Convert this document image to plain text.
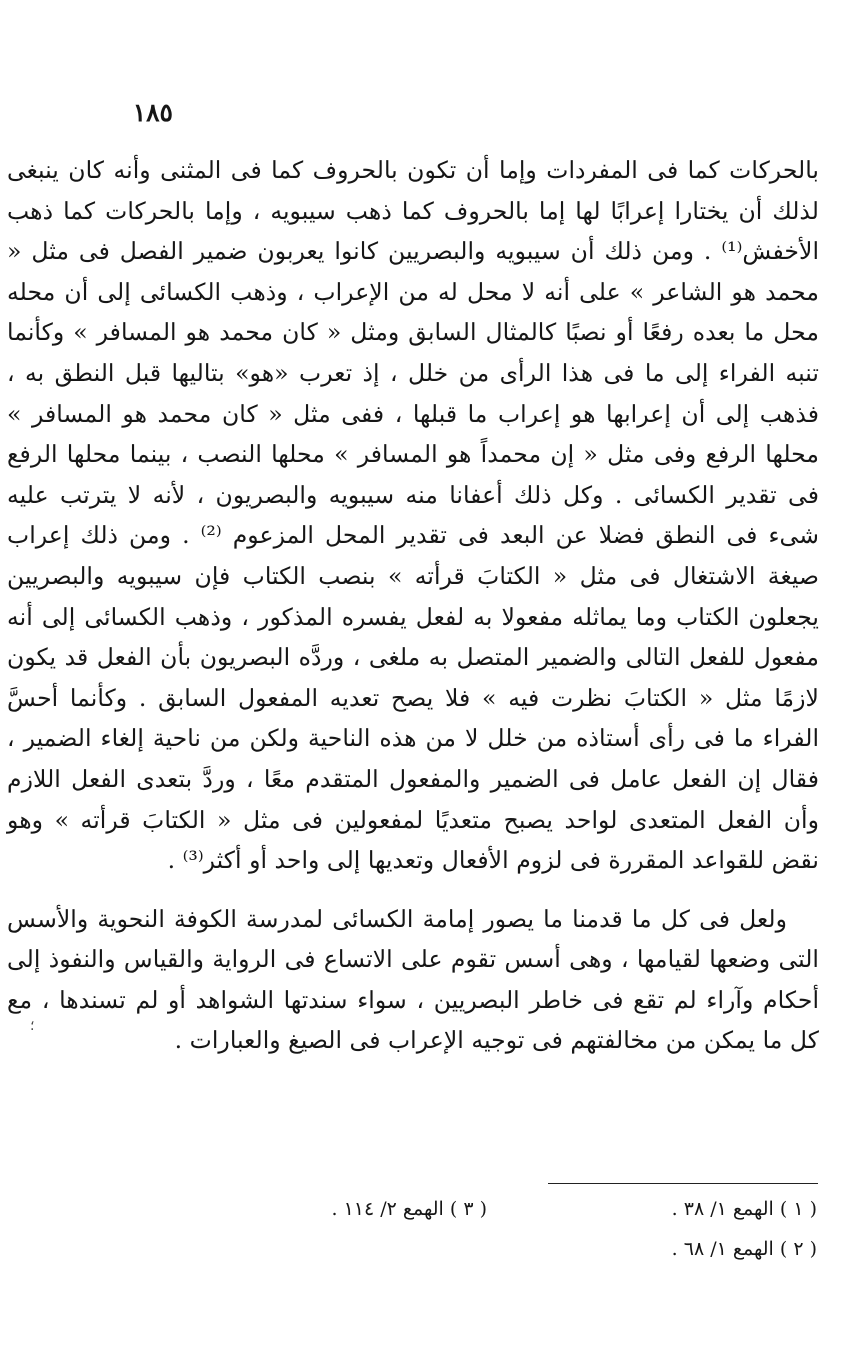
١٨٥

بالحركات كما فى المفردات وإما أن تكون بالحروف كما فى المثنى وأنه كان ينبغى لذلك أن يختارا إعرابًا لها إما بالحروف كما ذهب سيبويه ، وإما بالحركات كما ذهب الأخفش⁽¹⁾ . ومن ذلك أن سيبويه والبصريين كانوا يعربون ضمير الفصل فى مثل « محمد هو الشاعر » على أنه لا محل له من الإعراب ، وذهب الكسائى إلى أن محله محل ما بعده رفعًا أو نصبًا كالمثال السابق ومثل « كان محمد هو المسافر » وكأنما تنبه الفراء إلى ما فى هذا الرأى من خلل ، إذ تعرب «هو» بتاليها قبل النطق به ، فذهب إلى أن إعرابها هو إعراب ما قبلها ، ففى مثل « كان محمد هو المسافر » محلها الرفع وفى مثل « إن محمداً هو المسافر » محلها النصب ، بينما محلها الرفع فى تقدير الكسائى . وكل ذلك أعفانا منه سيبويه والبصريون ، لأنه لا يترتب عليه شىء فى النطق فضلا عن البعد فى تقدير المحل المزعوم ⁽²⁾ . ومن ذلك إعراب صيغة الاشتغال فى مثل « الكتابَ قرأته » بنصب الكتاب فإن سيبويه والبصريين يجعلون الكتاب وما يماثله مفعولا به لفعل يفسره المذكور ، وذهب الكسائى إلى أنه مفعول للفعل التالى والضمير المتصل به ملغى ، وردَّه البصريون بأن الفعل قد يكون لازمًا مثل « الكتابَ نظرت فيه » فلا يصح تعديه المفعول السابق . وكأنما أحسَّ الفراء ما فى رأى أستاذه من خلل لا من هذه الناحية ولكن من ناحية إلغاء الضمير ، فقال إن الفعل عامل فى الضمير والمفعول المتقدم معًا ، وردَّ بتعدى الفعل اللازم وأن الفعل المتعدى لواحد يصبح متعديًا لمفعولين فى مثل « الكتابَ قرأته » وهو نقض للقواعد المقررة فى لزوم الأفعال وتعديها إلى واحد أو أكثر⁽³⁾ .

ولعل فى كل ما قدمنا ما يصور إمامة الكسائى لمدرسة الكوفة النحوية والأسس التى وضعها لقيامها ، وهى أسس تقوم على الاتساع فى الرواية والقياس والنفوذ إلى أحكام وآراء لم تقع فى خاطر البصريين ، سواء سندتها الشواهد أو لم تسندها ، مع كل ما يمكن من مخالفتهم فى توجيه الإعراب فى الصيغ والعبارات .

؛
( ١ ) الهمع ١/ ٣٨ .
( ٣ ) الهمع ٢/ ١١٤ .
( ٢ ) الهمع ١/ ٦٨ .
